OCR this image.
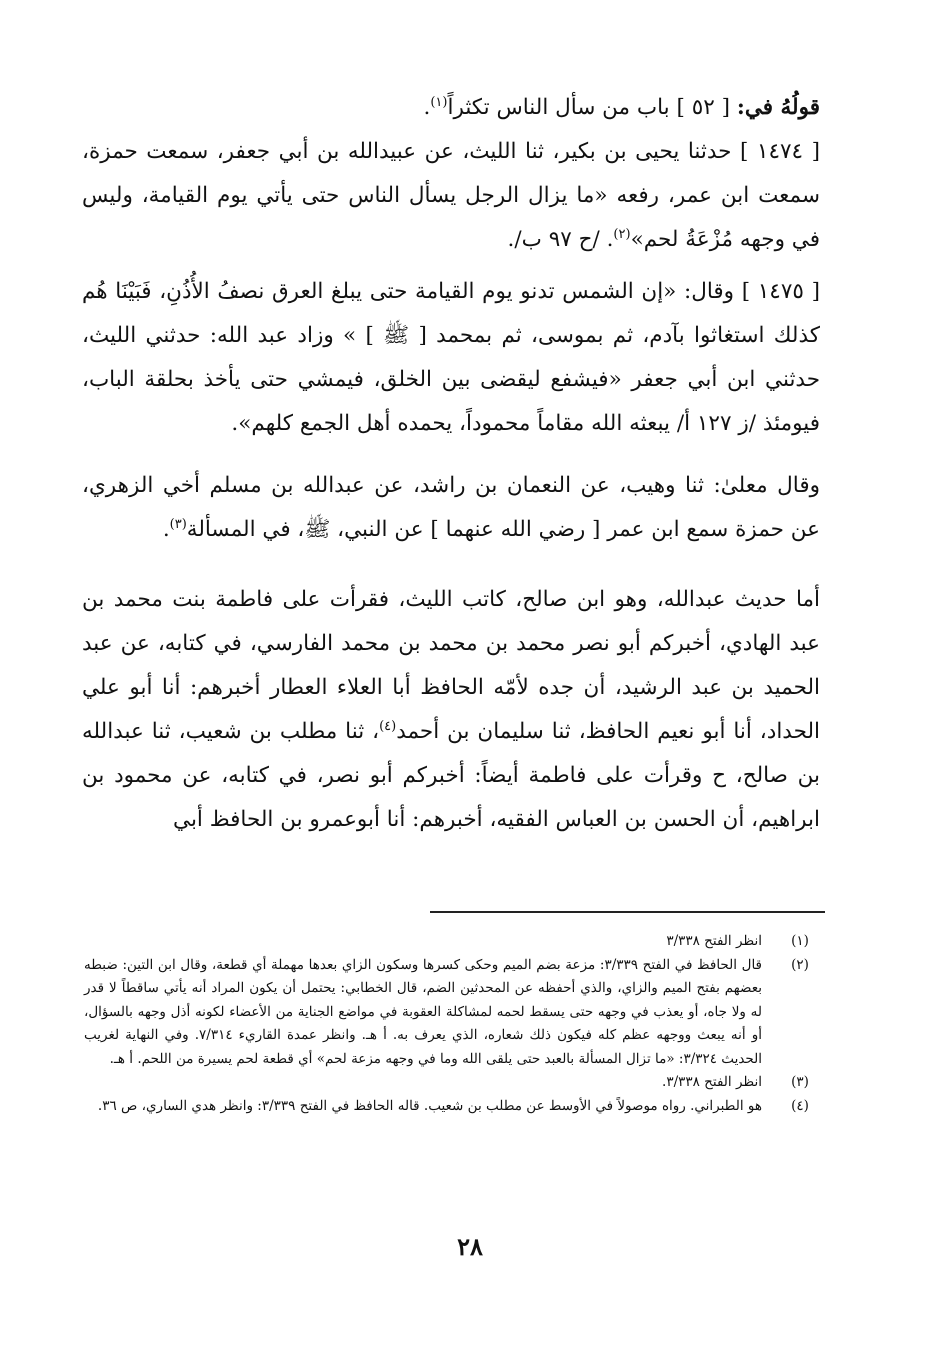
قولُهُ في: [ ٥٢ ] باب من سأل الناس تكثراً$^{(١)}$.

[ ١٤٧٤ ] حدثنا يحيى بن بكير، ثنا الليث، عن عبيدالله بن أبي جعفر، سمعت حمزة، سمعت ابن عمر، رفعه «ما يزال الرجل يسأل الناس حتى يأتي يوم القيامة، وليس في وجهه مُزْعَةُ لحم»$^{(٢)}$. /ح ٩٧ ب/.

[ ١٤٧٥ ] وقال: «إن الشمس تدنو يوم القيامة حتى يبلغ العرق نصفُ الأُذُنِ، فَبَيْنَا هُم كذلك استغاثوا بآدم، ثم بموسى، ثم بمحمد [ ﷺ ] » وزاد عبد الله: حدثني الليث، حدثني ابن أبي جعفر «فيشفع ليقضى بين الخلق، فيمشي حتى يأخذ بحلقة الباب، فيومئذ /ز ١٢٧ أ/ يبعثه الله مقاماً محموداً، يحمده أهل الجمع كلهم».

وقال معلىٰ: ثنا وهيب، عن النعمان بن راشد، عن عبدالله بن مسلم أخي الزهري، عن حمزة سمع ابن عمر [ رضي الله عنهما ] عن النبي، ﷺ، في المسألة$^{(٣)}$.

أما حديث عبدالله، وهو ابن صالح، كاتب الليث، فقرأت على فاطمة بنت محمد بن عبد الهادي، أخبركم أبو نصر محمد بن محمد بن محمد الفارسي، في كتابه، عن عبد الحميد بن عبد الرشيد، أن جده لأمّه الحافظ أبا العلاء العطار أخبرهم: أنا أبو علي الحداد، أنا أبو نعيم الحافظ، ثنا سليمان بن أحمد$^{(٤)}$، ثنا مطلب بن شعيب، ثنا عبدالله بن صالح، ح وقرأت على فاطمة أيضاً: أخبركم أبو نصر، في كتابه، عن محمود بن ابراهيم، أن الحسن بن العباس الفقيه، أخبرهم: أنا أبوعمرو بن الحافظ أبي

(١)
انظر الفتح ٣/٣٣٨

(٢)
قال الحافظ في الفتح ٣/٣٣٩: مزعة بضم الميم وحكى كسرها وسكون الزاي بعدها مهملة أي قطعة، وقال ابن التين: ضبطه بعضهم بفتح الميم والزاي، والذي أحفظه عن المحدثين الضم، قال الخطابي: يحتمل أن يكون المراد أنه يأتي ساقطاً لا قدر له ولا جاه، أو يعذب في وجهه حتى يسقط لحمه لمشاكلة العقوبة في مواضع الجناية من الأعضاء لكونه أذل وجهه بالسؤال، أو أنه يبعث ووجهه عظم كله فيكون ذلك شعاره، الذي يعرف به. أ هـ. وانظر عمدة القاريء ٧/٣١٤. وفي النهاية لغريب الحديث ٣/٣٢٤: «ما تزال المسألة بالعبد حتى يلقى الله وما في وجهه مزعة لحم» أي قطعة لحم يسيرة من اللحم. أ هـ.

(٣)
انظر الفتح ٣/٣٣٨.

(٤)
هو الطبراني. رواه موصولاً في الأوسط عن مطلب بن شعيب. قاله الحافظ في الفتح ٣/٣٣٩: وانظر هدي الساري، ص ٣٦.

٢٨
